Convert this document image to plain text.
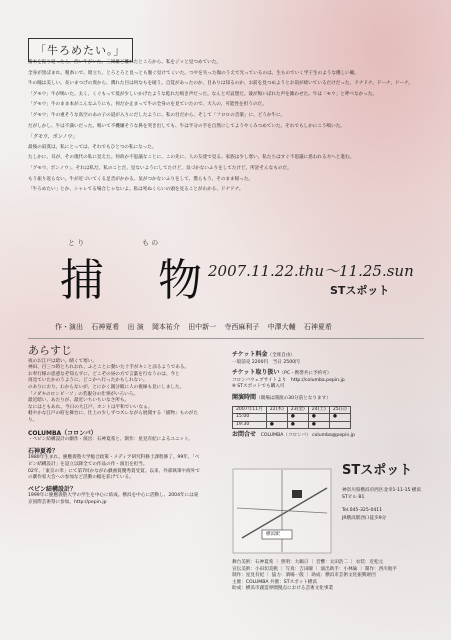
「牛ろめたい。」

猪木を振り返ったら、西い牛がいた。三岡雄ど離れたところから、私をジッと見つめていた。

全身が黒ぼまれ、粗糸いで、昭立ち、とろとろと見っとも腹ぐ見けてくいた。つやを失った傷のうえで光っているのは、生ものでいく学子生のような優しい瞳。

牛の瞳は美しい。長いまつげの奥から、潤れた目は何なもを破う。自覚があったのか、目ありは知るのか、お前を見つめようとお前が続いているだけだった。ドナドナ、ドーナ、ドーナ。

「グモウ」牛が鳴いた。太く、くぐもって低が少しいかげたような乾れた鳴き声だった。なんと可哀想だ。彼が悔いぼれた声を雑わせた。牛は「モウ」と呼べなかった。

「グモウ」牛のまま本がこんなふうにも、何だか止まって牛の全身のを見ていたので、大人の、可能性を担うのだ。

「グモウ」牛の重そうな高空のあの子の道が入りにだしたように、私の目だから、そして「フロロの音楽」に、どうか牛に。

だがしかし、牛は不満いだった。鳴いて不機嫌そうな鼻を突き出しても、牛は半分の手を自然にしてようやくみつめていた。それでもしかにこう鳴いた。

「グモウ、ボンノウ」

最後の寂寞は、私にとっては、それでもひとつの私になった。

たしかに、耳が、その現代の私に見えた。何故か不思議なことに、この先に、人の友達で見る。家族は少し寒い、私たちはすぐ不思議に思われる方へと進む。

「グモウ、ボンノウ」、それは私だ。私のことだ、見ないようにしてたけど、気づかないふりをしてたけど、所詮そんなものだ。

もう振り返らない。牛が近づいてくる足音がかかる。気がつかないふりをして、僕らもう、そのまま帰った。

「牛ろめたい」とか、シャレてる場合じゃないよ。私は死ぬくらいの頭を見ることがわかる、ドナドナ。

と り	も の
捕 物
2007.11.22.thu～11.25.sun
STスポット
作・演出 石神夏希 出 演 岡本祐介 田中新一 寺西麻利子 中澤大輔 石神夏希
あらすじ
夜のお江戸は暗い。晴くて寒い。
神田、目三つ時とちれおれ、ふとことに動いた十手がキンと涼るようである。
お奉行様の思惑なぞ知らずに、どこぞの昼の方で言葉を行なうのは、今と
再見ていたかのうように、どこかへ行ったかもしれない。
のありにおり、わからないが、とにかく親分殿に人の視線も見にしました。
「ノダキのロンビ一ソ」の若親分の仕事がいろいろ。
最近暗い、あたりが、最近いちいちいなさ所も。
なにはともあれ、今日の大江戸、ホントは平和でいいなぁ。
軽やかな江戸の町を舞台に、仕上の少しずつズレながら展開する「捕物」ものがたり。
COLUMBA（コロンバ）
・ペピン結構設計の劇作・演出：石神夏希と、制作：星見有紀によるユニット。
石神夏希？
1980年生まれ。慶應義塾大学総合政策・メディア研究科修士課程修了。99年、「ペピン結構設計」を設立以降全ての作品の作・演出を担当。
02年、「東京の米」にて第7回かながわ戯曲賞優秀賞受賞。以来、外部執筆や海外での劇作家大会への参加など活動の幅を拡げている。
ペピン結構設計？
1999年に慶應義塾大学の学生を中心に結成。横浜を中心に活動し、2004年には東京国際芸術祭に参加。http://pepin.jp
チケット料金（全席自由）
一般前売 2200円　 当日 2500円
チケット取り扱い（PC・携帯共に予約可）
コロンバウェブサイトより　 http://columba.pepin.jp
※ STスポットでも購入可
開演時間（開場は開演の30分前となります）
2007年11月	22(木)	23(金)	24(土)	25(日)
15:00		●	●	●
19:30	●	●	●	
お問合せ　 COLUMBA（コロンバ） columba@pepin.jp
横浜駅
STスポット
神奈川県横浜市西区北幸1-11-15 横浜STビル B1
Tel.045-325-0411
JR横浜駅西口徒歩9分
舞台美術：石神夏希 ｜ 照明：大鶴日 ｜ 音響：太田浩二 ｜ 衣装：近松元
宣伝美術：小田切美帆 ｜ 写真：吉田曜 ｜ 演出助手：小林倫 ｜ 制作：西川航平
制作：星見有紀 ｜ 協力：酒場一般 ｜ 助成：横浜市芸術文化振興財団
主催：COLUMBA 共催：STスポット横浜
助成：横浜市創造界隈拠点における芸術文化事業
